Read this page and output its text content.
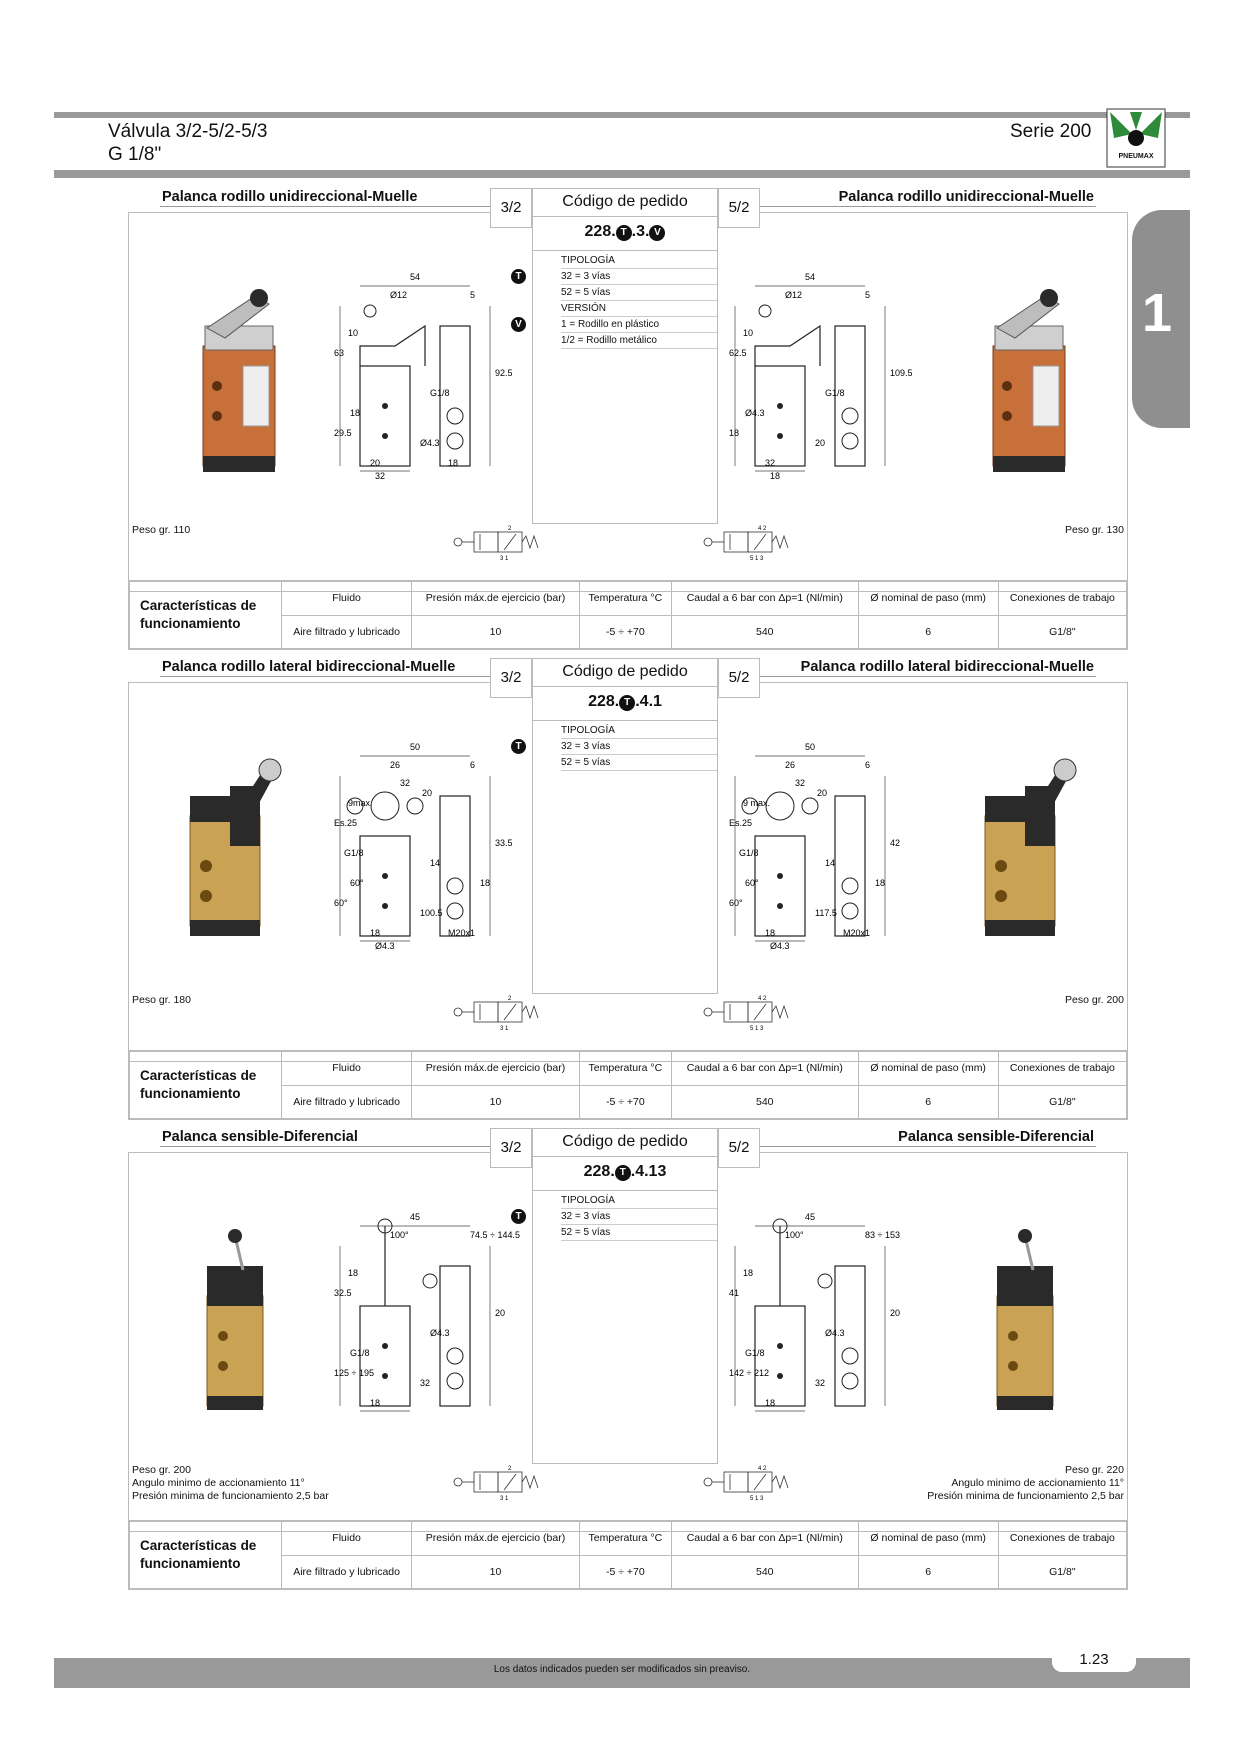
Válvula 3/2-5/2-5/3
G 1/8"
Serie 200
PNEUMAX
1
Palanca rodillo unidireccional-Muelle	Palanca rodillo unidireccional-Muelle
3/2	5/2
Código de pedido
228. T .3. V
TIPOLOGÍA
T	32 = 3 vías
52 = 5 vías
VERSIÓN
V	1 = Rodillo en plástico
1/2 = Rodillo metálico
54
Ø12	5
63
10
29.5
18
G1/8
92.5
Ø4.3
20
32
18
54
Ø12	5
62.5
10
18
Ø4.3
G1/8
109.5
20
32
18
Peso gr. 110	Peso gr. 130
2
3 1
4 2
5 1 3
Características de
funcionamiento	Fluido	Presión máx.de ejercicio (bar)	Temperatura °C	Caudal a 6 bar con Δp=1 (Nl/min)	Ø nominal de paso (mm)	Conexiones de trabajo
	Aire filtrado y lubricado	10	-5 ÷ +70	540	6	G1/8"
Palanca rodillo lateral bidireccional-Muelle	Palanca rodillo lateral bidireccional-Muelle
3/2	5/2
Código de pedido
228. T .4.1
TIPOLOGÍA
T	32 = 3 vías
52 = 5 vías
50
26	6
Es.25
9max.
60°
60°
14
33.5
100.5
18
Ø4.3
M20x1
G1/8
20
32
18
50
26	6
Es.25
9 max.
60°
60°
14
42
117.5
18
Ø4.3
M20x1
G1/8
20
32
18
Peso gr. 180	Peso gr. 200
2
3 1
4 2
5 1 3
Características de
funcionamiento	Fluido	Presión máx.de ejercicio (bar)	Temperatura °C	Caudal a 6 bar con Δp=1 (Nl/min)	Ø nominal de paso (mm)	Conexiones de trabajo
	Aire filtrado y lubricado	10	-5 ÷ +70	540	6	G1/8"
Palanca sensible-Diferencial	Palanca sensible-Diferencial
3/2	5/2
Código de pedido
228. T .4.13
TIPOLOGÍA
T	32 = 3 vías
52 = 5 vías
45
100°	74.5 ÷ 144.5
32.5
18
125 ÷ 195
G1/8
Ø4.3
20
32
18
45
100°	83 ÷ 153
41
18
142 ÷ 212
G1/8
Ø4.3
20
32
18
Peso gr. 200
Angulo minimo de accionamiento 11°
Presión minima de funcionamiento 2,5 bar
Peso gr. 220
Angulo minimo de accionamiento 11°
Presión minima de funcionamiento 2,5 bar
2
3 1
4 2
5 1 3
Características de
funcionamiento	Fluido	Presión máx.de ejercicio (bar)	Temperatura °C	Caudal a 6 bar con Δp=1 (Nl/min)	Ø nominal de paso (mm)	Conexiones de trabajo
	Aire filtrado y lubricado	10	-5 ÷ +70	540	6	G1/8"
Los datos indicados pueden ser modificados sin preaviso.
1.23
